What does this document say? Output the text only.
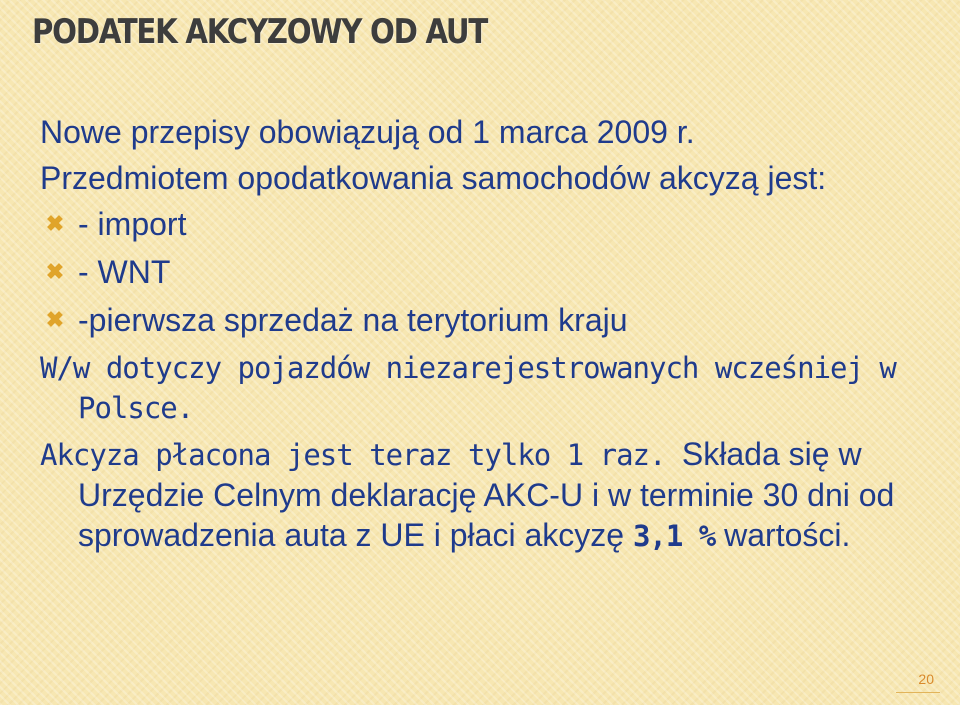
PODATEK AKCYZOWY OD AUT

Nowe przepisy obowiązują od 1 marca 2009 r.

Przedmiotem opodatkowania samochodów akcyzą jest:

✖ - import
✖ - WNT
✖ -pierwsza sprzedaż na terytorium kraju

W/w dotyczy pojazdów niezarejestrowanych wcześniej w Polsce.

Akcyza płacona jest teraz tylko 1 raz. Składa się w Urzędzie Celnym deklarację AKC-U i w terminie 30 dni od sprowadzenia auta z UE i płaci akcyzę 3,1 % wartości.

20
